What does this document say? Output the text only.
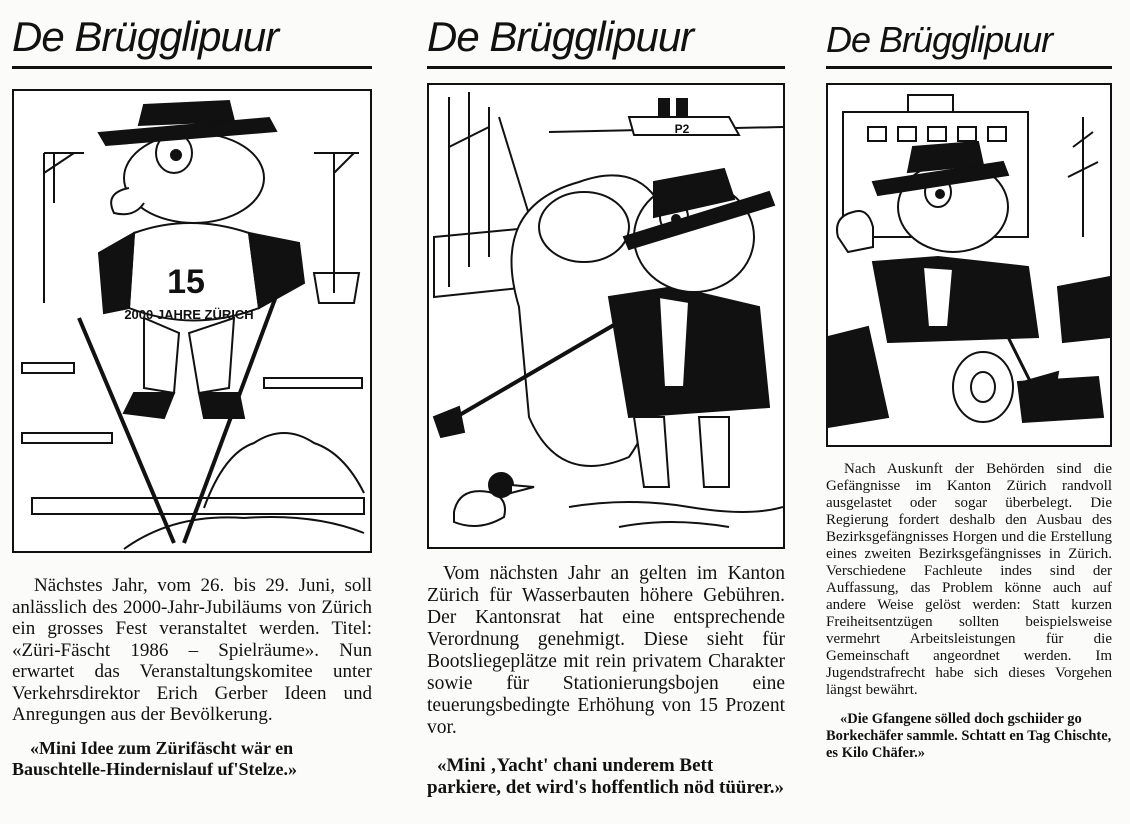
De Brügglipuur
15
2000 JAHRE ZÜRICH

Nächstes Jahr, vom 26. bis 29. Juni, soll anlässlich des 2000-Jahr-Jubiläums von Zürich ein grosses Fest veranstaltet werden. Titel: «Züri-Fäscht 1986 – Spielräume». Nun erwartet das Veranstaltungskomitee unter Verkehrsdirektor Erich Gerber Ideen und Anregungen aus der Bevölkerung.

«Mini Idee zum Zürifäscht wär en Bauschtelle-Hindernislauf uf'Stelze.»

De Brügglipuur
P2

Vom nächsten Jahr an gelten im Kanton Zürich für Wasserbauten höhere Gebühren. Der Kantonsrat hat eine entsprechende Verordnung genehmigt. Diese sieht für Bootsliegeplätze mit rein privatem Charakter sowie für Stationierungsbojen eine teuerungsbedingte Erhöhung von 15 Prozent vor.

«Mini ‚Yacht' chani underem Bett parkiere, det wird's hoffentlich nöd tüürer.»

De Brügglipuur

Nach Auskunft der Behörden sind die Gefängnisse im Kanton Zürich randvoll ausgelastet oder sogar überbelegt. Die Regierung fordert deshalb den Ausbau des Bezirksgefängnisses Horgen und die Erstellung eines zweiten Bezirksgefängnisses in Zürich. Verschiedene Fachleute indes sind der Auffassung, das Problem könne auch auf andere Weise gelöst werden: Statt kurzen Freiheitsentzügen sollten beispielsweise vermehrt Arbeitsleistungen für die Gemeinschaft angeordnet werden. Im Jugendstrafrecht habe sich dieses Vorgehen längst bewährt.

«Die Gfangene sölled doch gschiider go Borkechäfer sammle. Schtatt en Tag Chischte, es Kilo Chäfer.»
